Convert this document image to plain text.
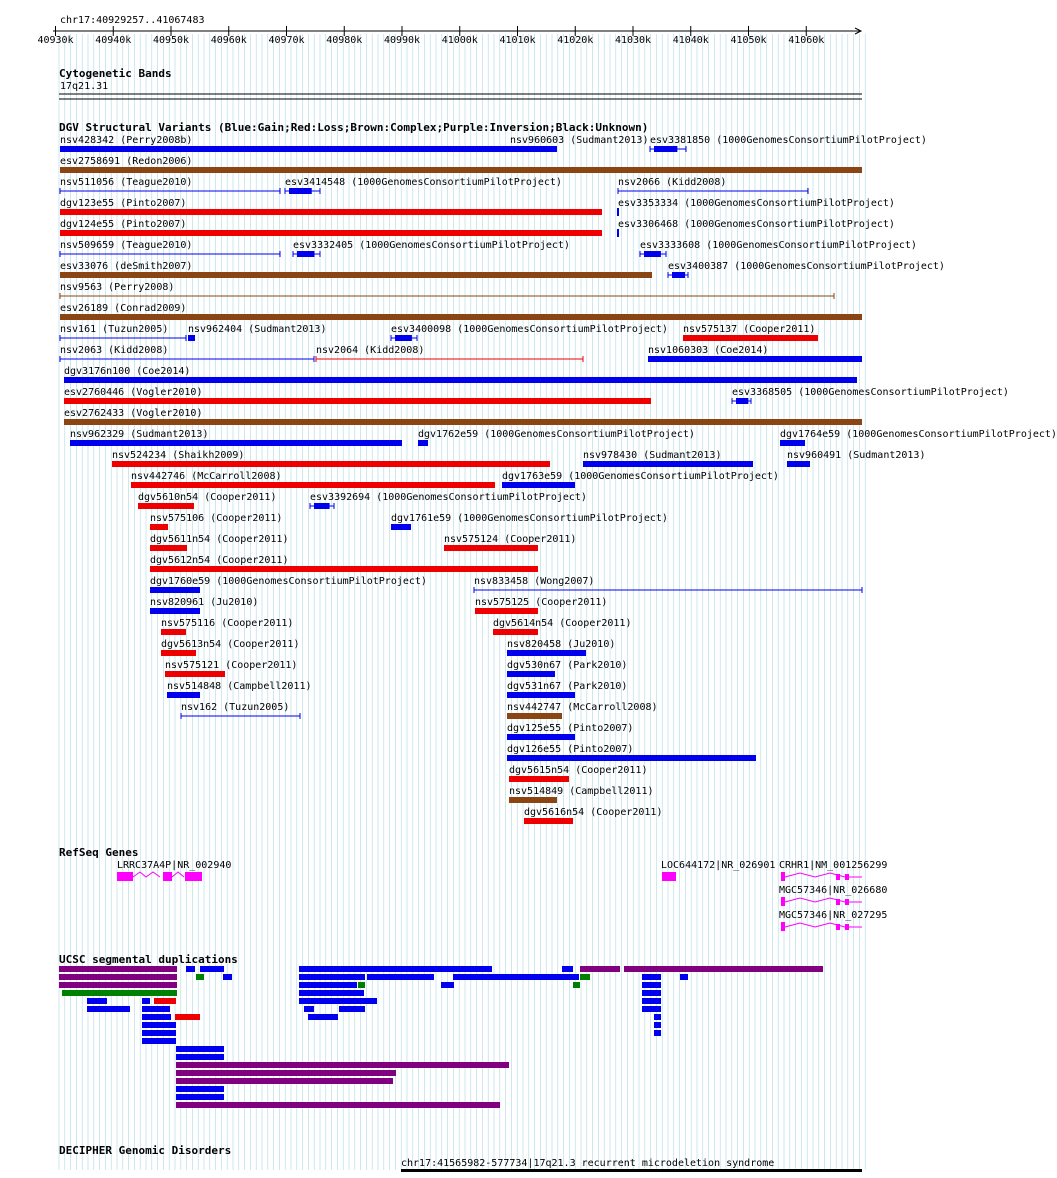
chr17:40929257..41067483
40930k 40940k 40950k 40960k 40970k 40980k 40990k 41000k 41010k 41020k 41030k 41040k 41050k 41060k
Cytogenetic Bands
17q21.31
DGV Structural Variants (Blue:Gain;Red:Loss;Brown:Complex;Purple:Inversion;Black:Unknown)
nsv428342 (Perry2008b)	nsv960603 (Sudmant2013) esv3381850 (1000GenomesConsortiumPilotProject)
esv2758691 (Redon2006)
nsv511056 (Teague2010)	esv3414548 (1000GenomesConsortiumPilotProject)	nsv2066 (Kidd2008)
dgv123e55 (Pinto2007)	esv3353334 (1000GenomesConsortiumPilotProject)
dgv124e55 (Pinto2007)	esv3306468 (1000GenomesConsortiumPilotProject)
nsv509659 (Teague2010)	esv3332405 (1000GenomesConsortiumPilotProject)	esv3333608 (1000GenomesConsortiumPilotProject)
esv33076 (deSmith2007)	esv3400387 (1000GenomesConsortiumPilotProject)
nsv9563 (Perry2008)
esv26189 (Conrad2009)
nsv161 (Tuzun2005) nsv962404 (Sudmant2013)	esv3400098 (1000GenomesConsortiumPilotProject) nsv575137 (Cooper2011)
nsv2063 (Kidd2008)	nsv2064 (Kidd2008)	nsv1060303 (Coe2014)
dgv3176n100 (Coe2014)
esv2760446 (Vogler2010)	esv3368505 (1000GenomesConsortiumPilotProject)
esv2762433 (Vogler2010)
nsv962329 (Sudmant2013)	dgv1762e59 (1000GenomesConsortiumPilotProject)	dgv1764e59 (1000GenomesConsortiumPilotProject)
nsv524234 (Shaikh2009)	nsv978430 (Sudmant2013)	nsv960491 (Sudmant2013)
nsv442746 (McCarroll2008)	dgv1763e59 (1000GenomesConsortiumPilotProject)
dgv5610n54 (Cooper2011)	esv3392694 (1000GenomesConsortiumPilotProject)
nsv575106 (Cooper2011)	dgv1761e59 (1000GenomesConsortiumPilotProject)
dgv5611n54 (Cooper2011)	nsv575124 (Cooper2011)
dgv5612n54 (Cooper2011)
dgv1760e59 (1000GenomesConsortiumPilotProject)	nsv833458 (Wong2007)
nsv820961 (Ju2010)	nsv575125 (Cooper2011)
nsv575116 (Cooper2011)	dgv5614n54 (Cooper2011)
dgv5613n54 (Cooper2011)	nsv820458 (Ju2010)
nsv575121 (Cooper2011)	dgv530n67 (Park2010)
nsv514848 (Campbell2011)	dgv531n67 (Park2010)
nsv162 (Tuzun2005)	nsv442747 (McCarroll2008)
dgv125e55 (Pinto2007)
dgv126e55 (Pinto2007)
dgv5615n54 (Cooper2011)
nsv514849 (Campbell2011)
dgv5616n54 (Cooper2011)
RefSeq Genes
LRRC37A4P|NR_002940	LOC644172|NR_026901 CRHR1|NM_001256299
MGC57346|NR_026680
MGC57346|NR_027295
UCSC segmental duplications
DECIPHER Genomic Disorders
chr17:41565982-577734|17q21.3 recurrent microdeletion syndrome
